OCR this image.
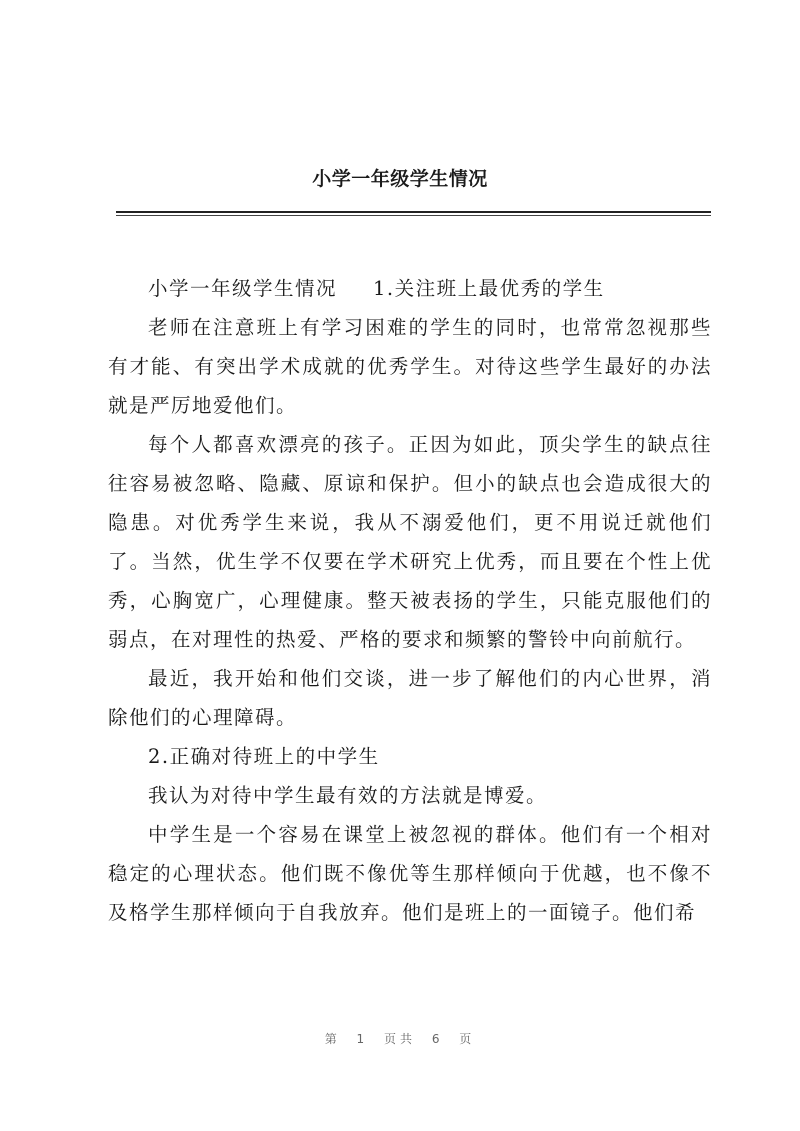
小学一年级学生情况

小学一年级学生情况 1.关注班上最优秀的学生

老师在注意班上有学习困难的学生的同时，也常常忽视那些有才能、有突出学术成就的优秀学生。对待这些学生最好的办法就是严厉地爱他们。

每个人都喜欢漂亮的孩子。正因为如此，顶尖学生的缺点往往容易被忽略、隐藏、原谅和保护。但小的缺点也会造成很大的隐患。对优秀学生来说，我从不溺爱他们，更不用说迁就他们了。当然，优生学不仅要在学术研究上优秀，而且要在个性上优秀，心胸宽广，心理健康。整天被表扬的学生，只能克服他们的弱点，在对理性的热爱、严格的要求和频繁的警铃中向前航行。

最近，我开始和他们交谈，进一步了解他们的内心世界，消除他们的心理障碍。

2.正确对待班上的中学生

我认为对待中学生最有效的方法就是博爱。

中学生是一个容易在课堂上被忽视的群体。他们有一个相对稳定的心理状态。他们既不像优等生那样倾向于优越，也不像不及格学生那样倾向于自我放弃。他们是班上的一面镜子。他们希

第 1 页共 6 页
